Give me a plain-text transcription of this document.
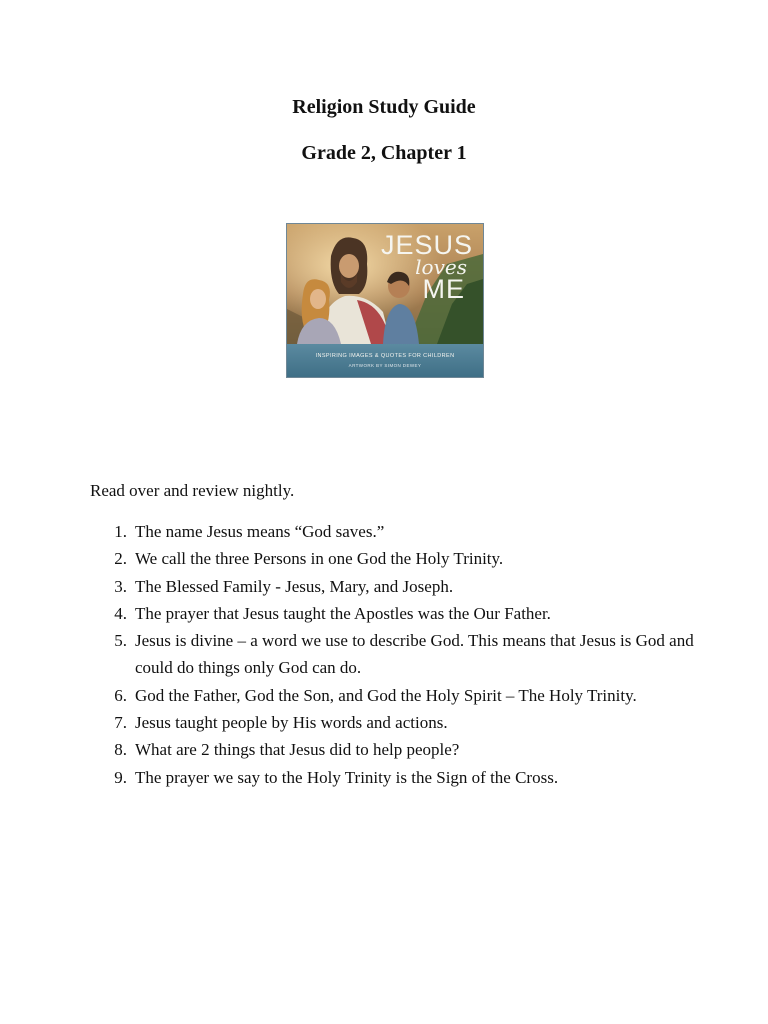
Religion Study Guide
Grade 2, Chapter 1
JESUS
loves
ME
INSPIRING IMAGES & QUOTES FOR CHILDREN
ARTWORK BY SIMON DEWEY
Read over and review nightly.
1. The name Jesus means “God saves.”
2. We call the three Persons in one God the Holy Trinity.
3. The Blessed Family - Jesus, Mary, and Joseph.
4. The prayer that Jesus taught the Apostles was the Our Father.
5. Jesus is divine – a word we use to describe God. This means that Jesus is God and could do things only God can do.
6. God the Father, God the Son, and God the Holy Spirit – The Holy Trinity.
7. Jesus taught people by His words and actions.
8. What are 2 things that Jesus did to help people?
9. The prayer we say to the Holy Trinity is the Sign of the Cross.
